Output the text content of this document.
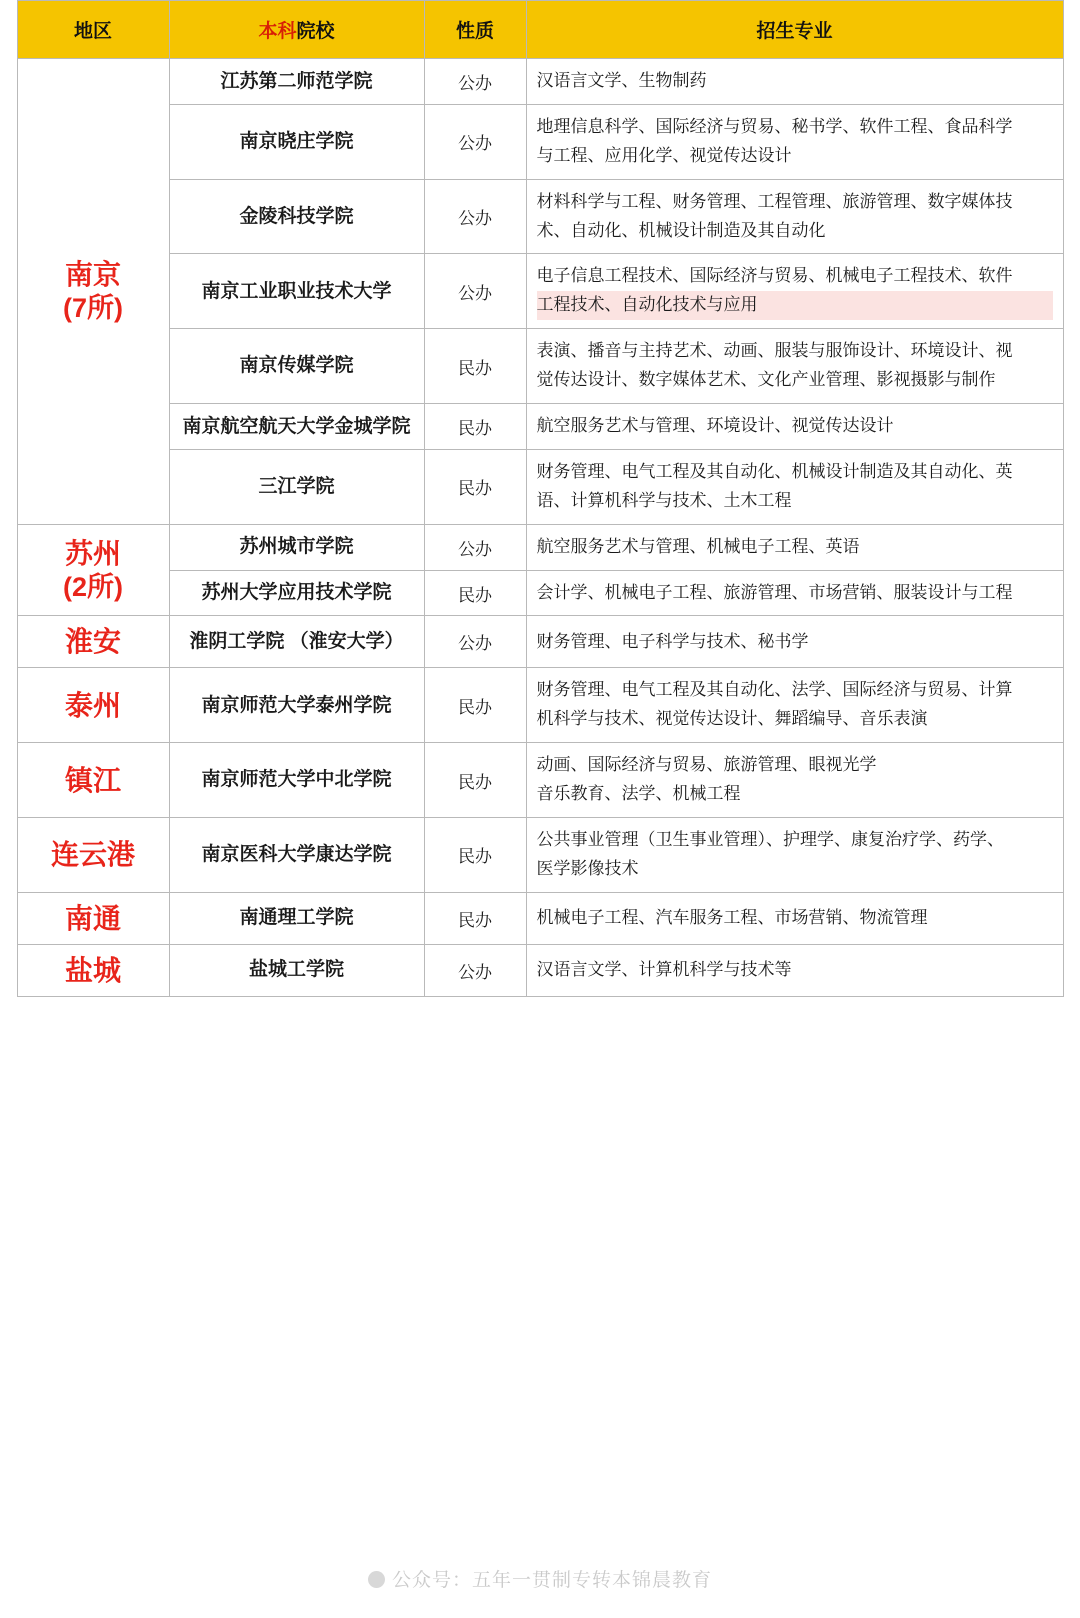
地区	本科院校	性质	招生专业
南京
(7所)	江苏第二师范学院	公办	汉语言文学、生物制药

	南京晓庄学院	公办	地理信息科学、国际经济与贸易、秘书学、软件工程、食品科学
与工程、应用化学、视觉传达设计

	金陵科技学院	公办	材料科学与工程、财务管理、工程管理、旅游管理、数字媒体技
术、自动化、机械设计制造及其自动化

	南京工业职业技术大学	公办	电子信息工程技术、国际经济与贸易、机械电子工程技术、软件
工程技术、自动化技术与应用

	南京传媒学院	民办	表演、播音与主持艺术、动画、服装与服饰设计、环境设计、视
觉传达设计、数字媒体艺术、文化产业管理、影视摄影与制作

	南京航空航天大学金城学院	民办	航空服务艺术与管理、环境设计、视觉传达设计

	三江学院	民办	财务管理、电气工程及其自动化、机械设计制造及其自动化、英
语、计算机科学与技术、土木工程

苏州
(2所)	苏州城市学院	公办	航空服务艺术与管理、机械电子工程、英语

	苏州大学应用技术学院	民办	会计学、机械电子工程、旅游管理、市场营销、服装设计与工程

淮安	淮阴工学院 （淮安大学）	公办	财务管理、电子科学与技术、秘书学

泰州	南京师范大学泰州学院	民办	财务管理、电气工程及其自动化、法学、国际经济与贸易、计算
机科学与技术、视觉传达设计、舞蹈编导、音乐表演

镇江	南京师范大学中北学院	民办	动画、国际经济与贸易、旅游管理、眼视光学
音乐教育、法学、机械工程

连云港	南京医科大学康达学院	民办	公共事业管理（卫生事业管理）、护理学、康复治疗学、药学、
医学影像技术

南通	南通理工学院	民办	机械电子工程、汽车服务工程、市场营销、物流管理

盐城	盐城工学院	公办	汉语言文学、计算机科学与技术等
公众号：五年一贯制专转本锦晨教育
